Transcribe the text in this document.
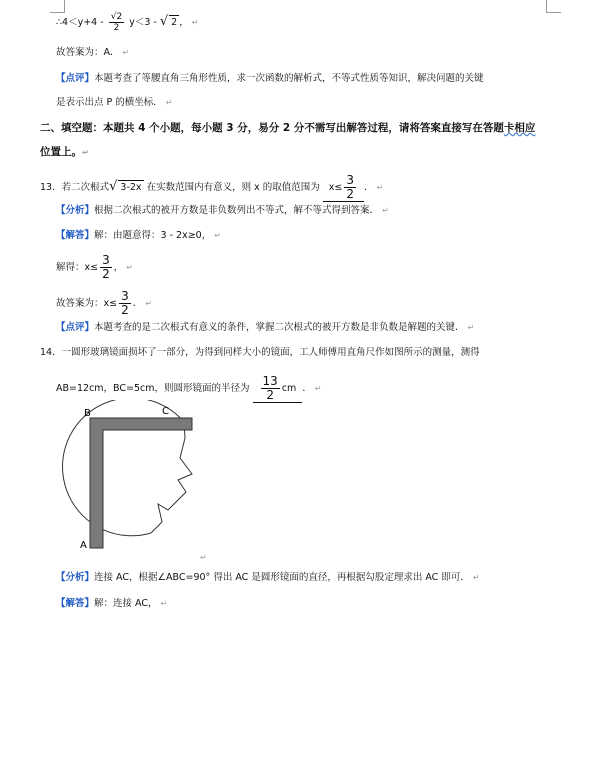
∴4＜y+4 - $\frac{√2}{2} y<3$ - √ 2 ， ↵
故答案为：A． ↵
【点评】本题考查了等腰直角三角形性质，求一次函数的解析式，不等式性质等知识，解决问题的关键
是表示出点 P 的横坐标． ↵
二、填空题：本题共 4 个小题，每小题 3 分，易分 2 分不需写出解答过程，请将答案直接写在答题卡相应
位置上。↵
13．若二次根式√ 3-2x 在实数范围内有意义，则 x 的取值范围为 $x\le \frac{3}{2}$ ． ↵
【分析】根据二次根式的被开方数是非负数列出不等式，解不等式得到答案． ↵
【解答】解：由题意得：3 - 2x≥0， ↵
解得：$x\le \frac{3}{2}$ ， ↵
故答案为：$x\le \frac{3}{2}$ ． ↵
【点评】本题考查的是二次根式有意义的条件，掌握二次根式的被开方数是非负数是解题的关键． ↵
14．一圆形玻璃镜面损坏了一部分，为得到同样大小的镜面，工人师傅用直角尺作如图所示的测量，测得
AB=12cm，BC=5cm，则圆形镜面的半径为 $\frac{13}{2}$ cm ． ↵
B	C
A
↵
【分析】连接 AC，根据∠ABC=90° 得出 AC 是圆形镜面的直径，再根据勾股定理求出 AC 即可． ↵
【解答】解：连接 AC， ↵
